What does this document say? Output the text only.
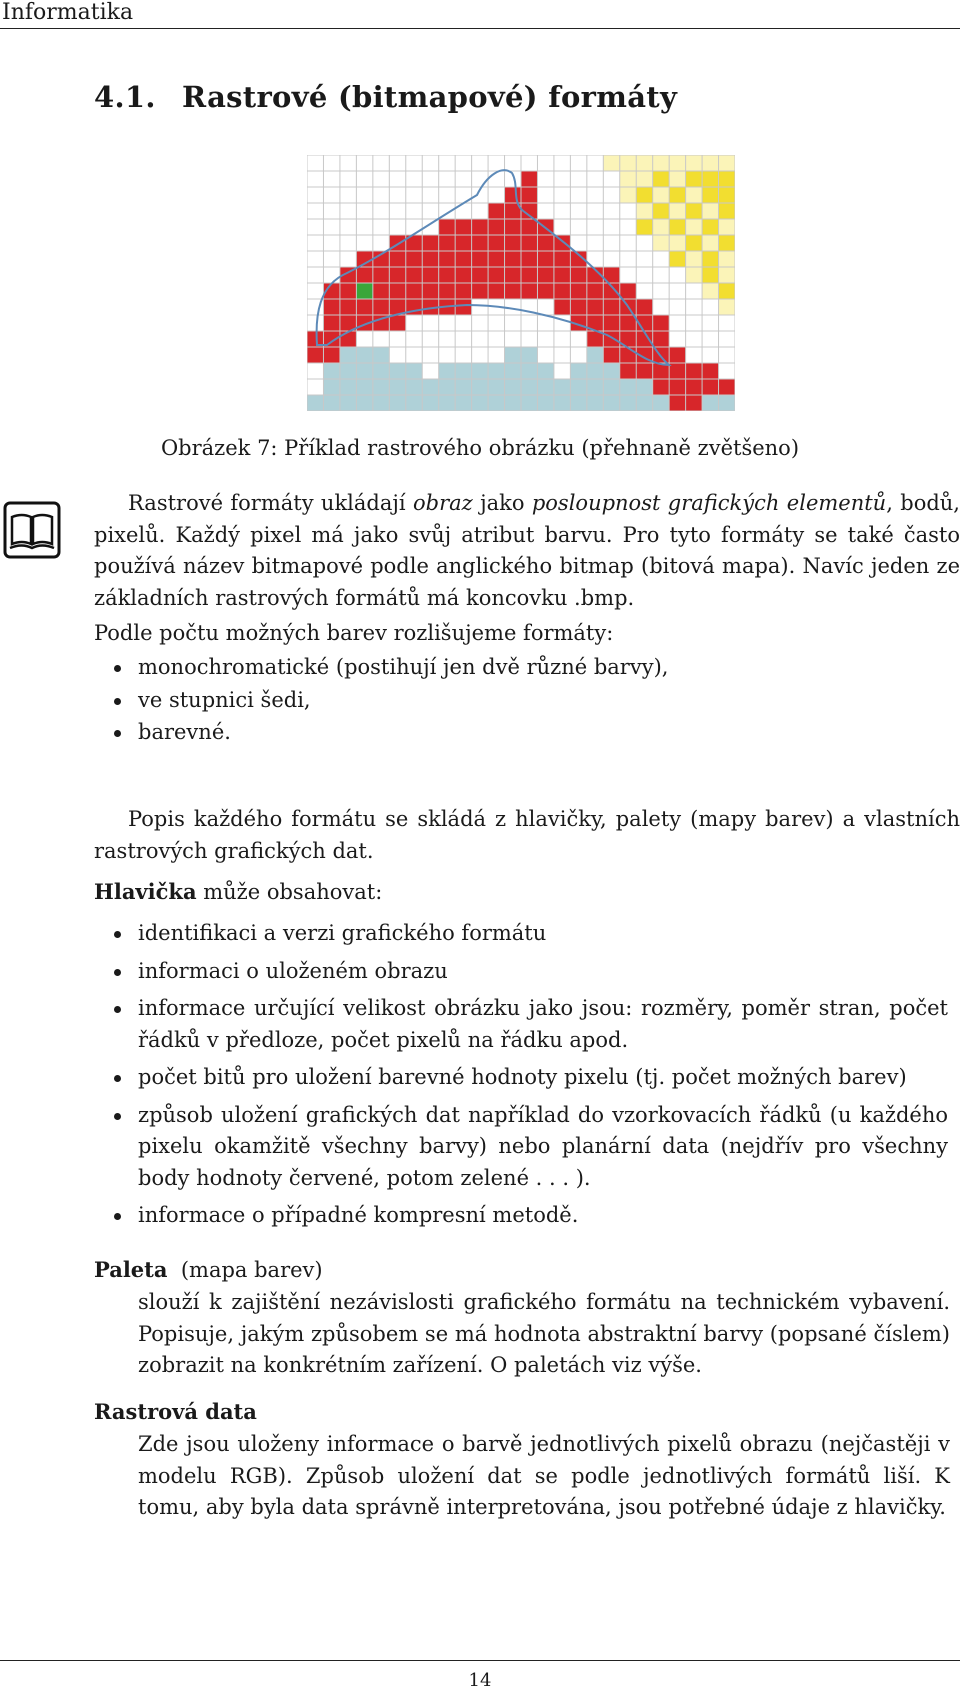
Informatika
4.1. Rastrové (bitmapové) formáty
Obrázek 7: Příklad rastrového obrázku (přehnaně zvětšeno)
Rastrové formáty ukládají obraz jako posloupnost grafických elementů, bodů, pixelů. Každý pixel má jako svůj atribut barvu. Pro tyto formáty se také často používá název bitmapové podle anglického bitmap (bitová mapa). Navíc jeden ze základních rastrových formátů má koncovku .bmp.
Podle počtu možných barev rozlišujeme formáty:
monochromatické (postihují jen dvě různé barvy),
ve stupnici šedi,
barevné.
Popis každého formátu se skládá z hlavičky, palety (mapy barev) a vlastních rastrových grafických dat.
Hlavička může obsahovat:
identifikaci a verzi grafického formátu
informaci o uloženém obrazu
informace určující velikost obrázku jako jsou: rozměry, poměr stran, počet řádků v předloze, počet pixelů na řádku apod.
počet bitů pro uložení barevné hodnoty pixelu (tj. počet možných barev)
způsob uložení grafických dat například do vzorkovacích řádků (u každého pixelu okamžitě všechny barvy) nebo planární data (nejdřív pro všechny body hodnoty červené, potom zelené . . . ).
informace o případné kompresní metodě.
Paleta (mapa barev)
slouží k zajištění nezávislosti grafického formátu na technickém vybavení. Popisuje, jakým způsobem se má hodnota abstraktní barvy (popsané číslem) zobrazit na konkrétním zařízení. O paletách viz výše.
Rastrová data
Zde jsou uloženy informace o barvě jednotlivých pixelů obrazu (nejčastěji v modelu RGB). Způsob uložení dat se podle jednotlivých formátů liší. K tomu, aby byla data správně interpretována, jsou potřebné údaje z hlavičky.
14
